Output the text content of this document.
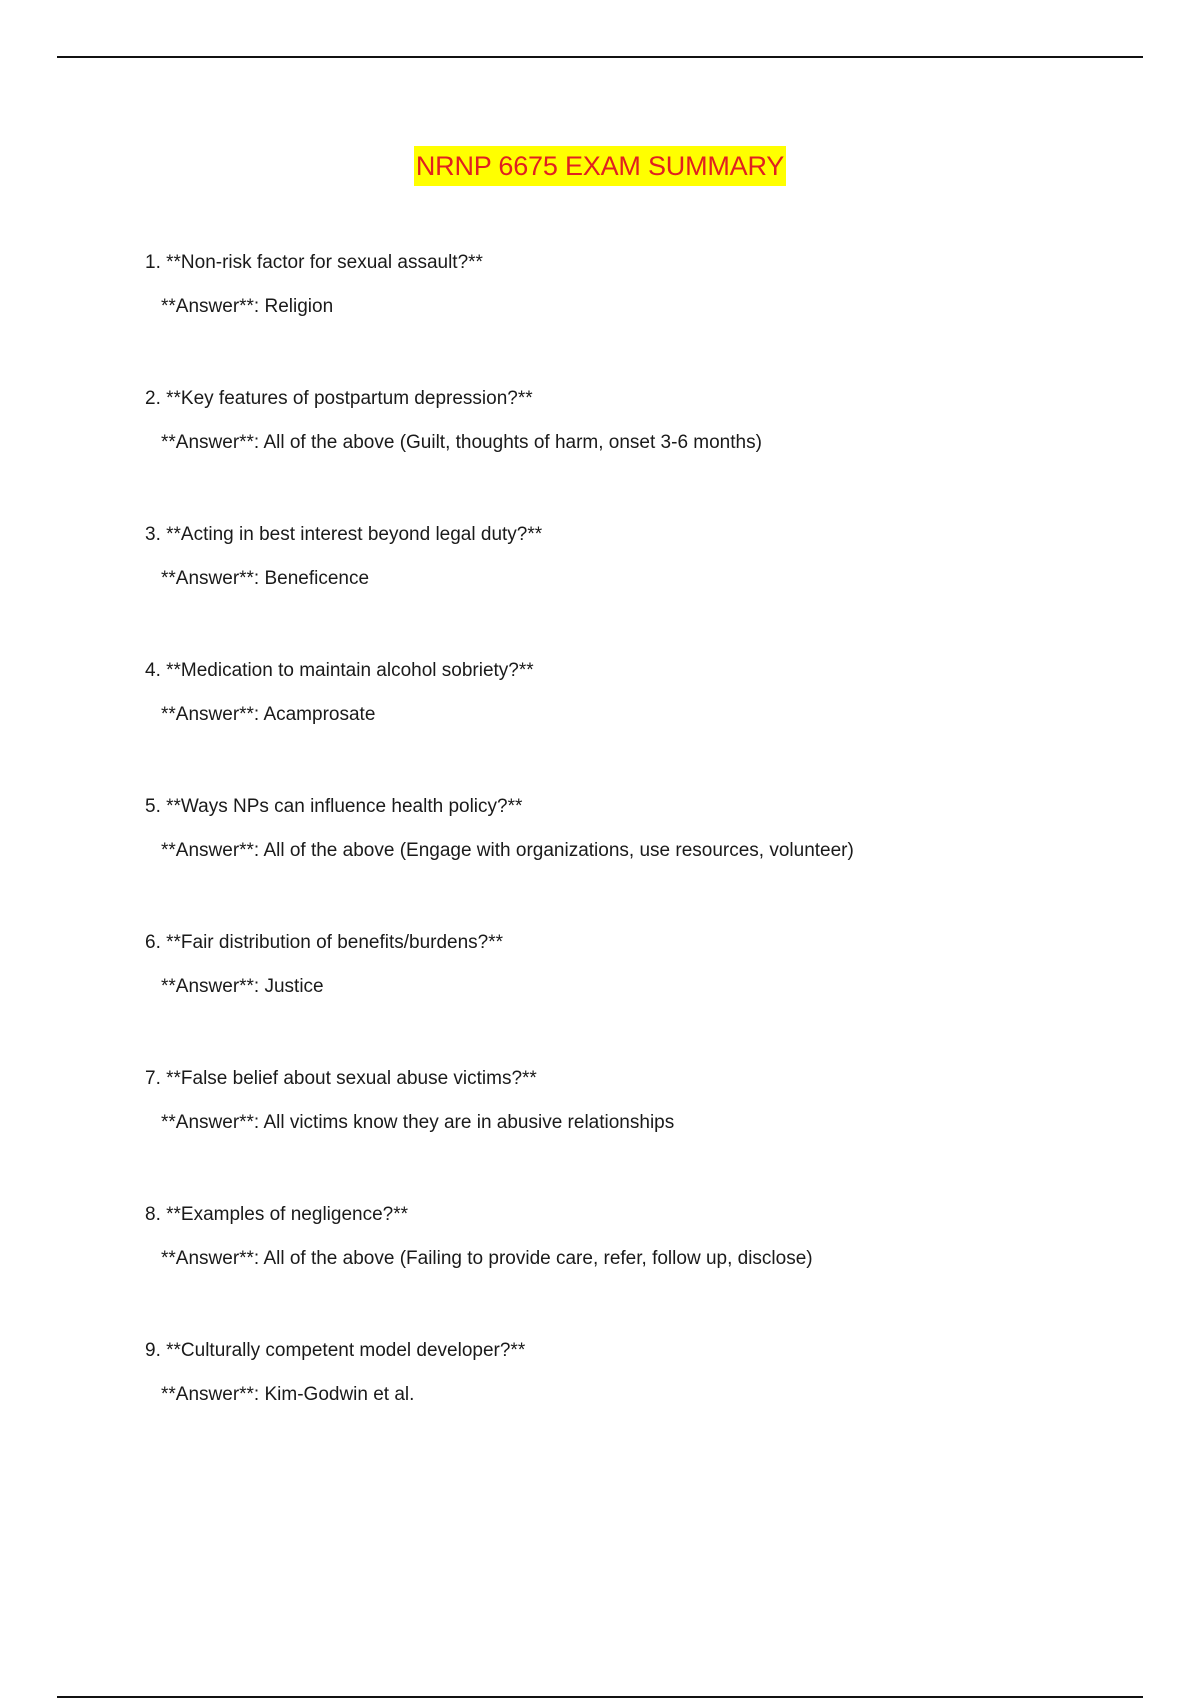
NRNP 6675 EXAM SUMMARY
1. **Non-risk factor for sexual assault?**
**Answer**: Religion
2. **Key features of postpartum depression?**
**Answer**: All of the above (Guilt, thoughts of harm, onset 3-6 months)
3. **Acting in best interest beyond legal duty?**
**Answer**: Beneficence
4. **Medication to maintain alcohol sobriety?**
**Answer**: Acamprosate
5. **Ways NPs can influence health policy?**
**Answer**: All of the above (Engage with organizations, use resources, volunteer)
6. **Fair distribution of benefits/burdens?**
**Answer**: Justice
7. **False belief about sexual abuse victims?**
**Answer**: All victims know they are in abusive relationships
8. **Examples of negligence?**
**Answer**: All of the above (Failing to provide care, refer, follow up, disclose)
9. **Culturally competent model developer?**
**Answer**: Kim-Godwin et al.
